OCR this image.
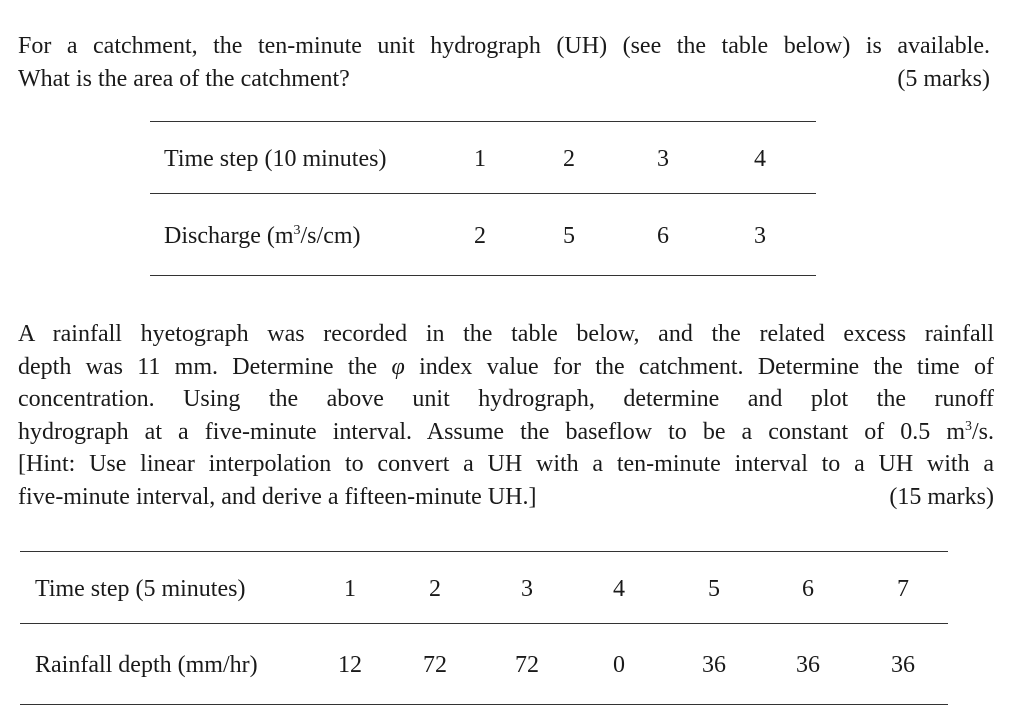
For a catchment, the ten-minute unit hydrograph (UH) (see the table below) is available.
What is the area of the catchment?	(5 marks)
Time step (10 minutes)	1	2	3	4
Discharge $(m^3/s/cm)$	2	5	6	3
A rainfall hyetograph was recorded in the table below, and the related excess rainfall
depth was 11 mm. Determine the φ index value for the catchment. Determine the time of
concentration. Using the above unit hydrograph, determine and plot the runoff
hydrograph at a five-minute interval. Assume the baseflow to be a constant of 0.5 $m^3/s$.
[Hint: Use linear interpolation to convert a UH with a ten-minute interval to a UH with a
five-minute interval, and derive a fifteen-minute UH.]	(15 marks)
Time step (5 minutes)	1	2	3	4	5	6	7
Rainfall depth (mm/hr)	12	72	72	0	36	36	36
